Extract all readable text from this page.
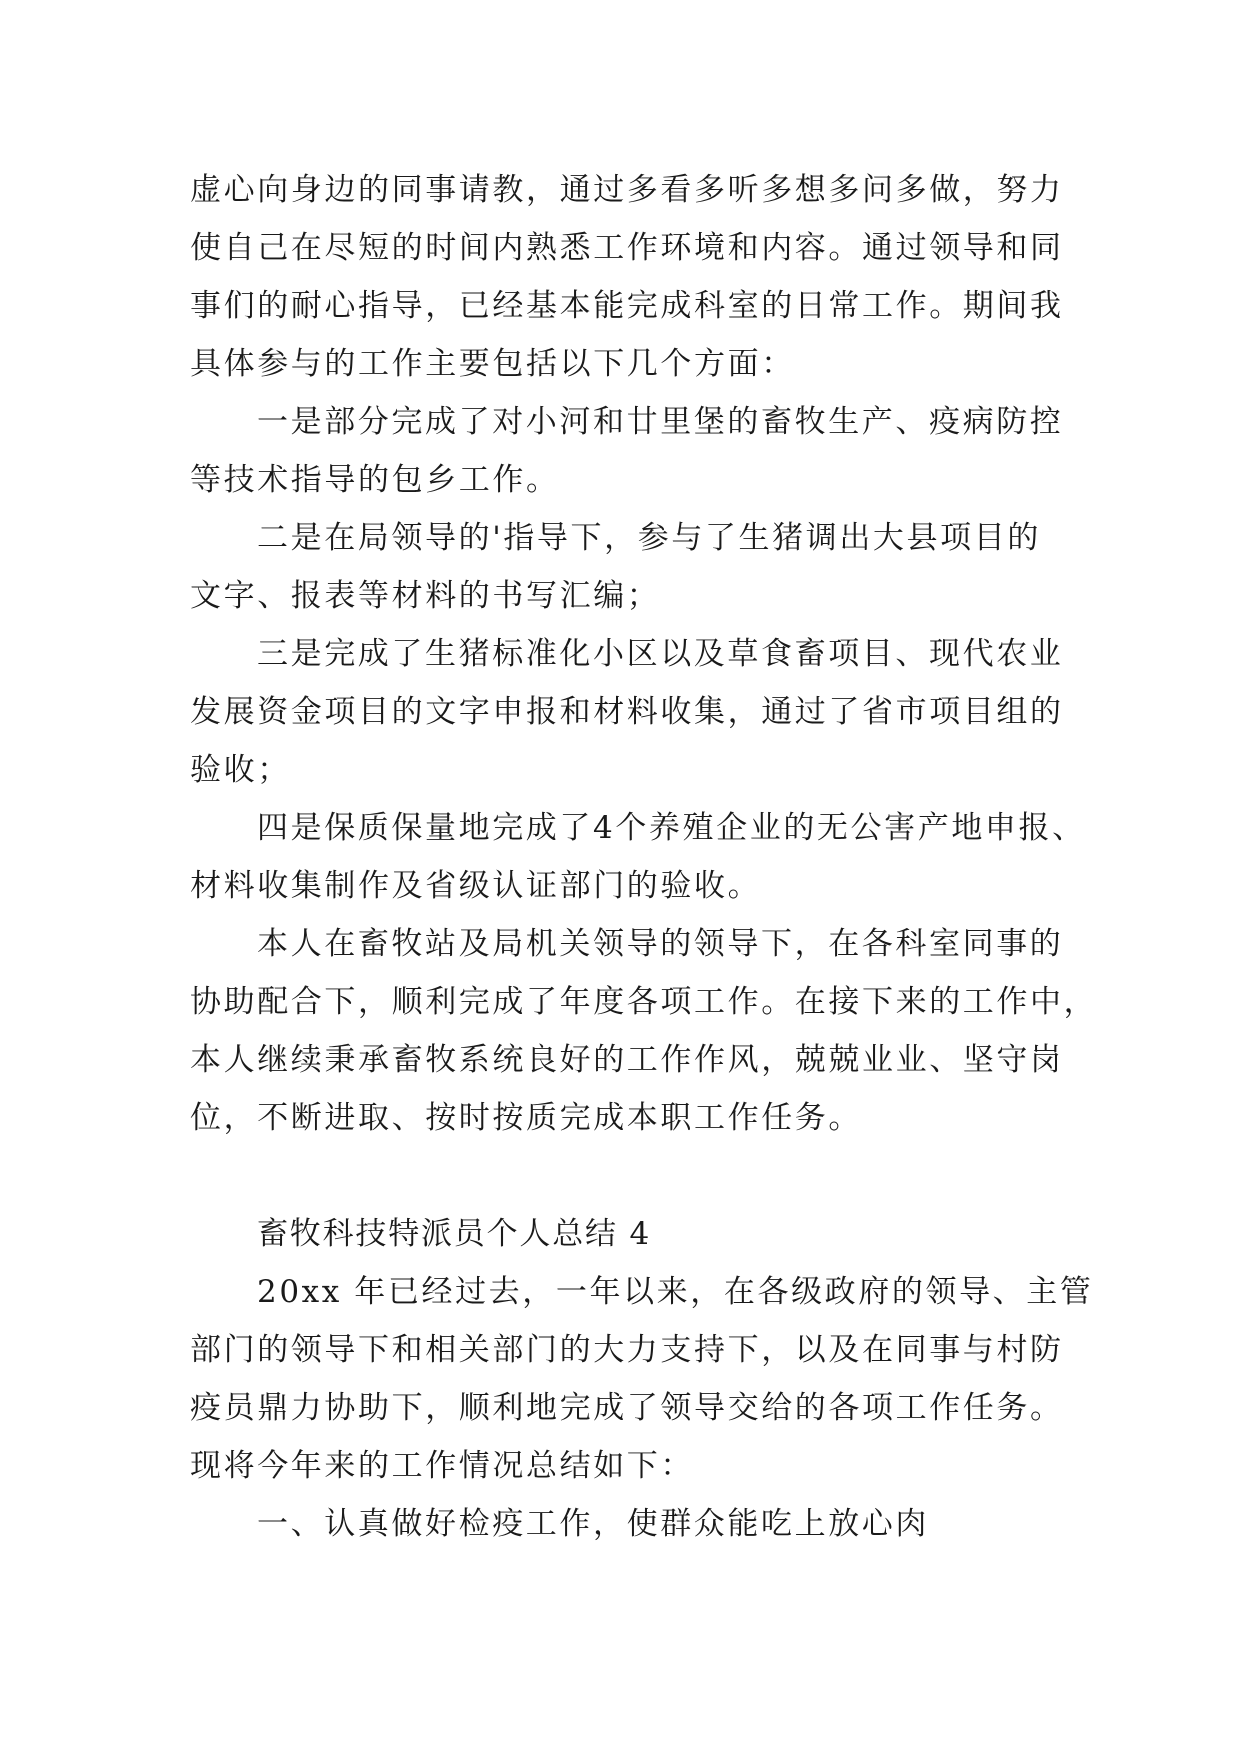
虚心向身边的同事请教，通过多看多听多想多问多做，努力
使自己在尽短的时间内熟悉工作环境和内容。通过领导和同
事们的耐心指导，已经基本能完成科室的日常工作。期间我
具体参与的工作主要包括以下几个方面：
一是部分完成了对小河和廿里堡的畜牧生产、疫病防控
等技术指导的包乡工作。
二是在局领导的'指导下，参与了生猪调出大县项目的
文字、报表等材料的书写汇编；
三是完成了生猪标准化小区以及草食畜项目、现代农业
发展资金项目的文字申报和材料收集，通过了省市项目组的
验收；
四是保质保量地完成了4个养殖企业的无公害产地申报、
材料收集制作及省级认证部门的验收。
本人在畜牧站及局机关领导的领导下，在各科室同事的
协助配合下，顺利完成了年度各项工作。在接下来的工作中，
本人继续秉承畜牧系统良好的工作作风，兢兢业业、坚守岗
位，不断进取、按时按质完成本职工作任务。
畜牧科技特派员个人总结 4
20xx 年已经过去，一年以来，在各级政府的领导、主管
部门的领导下和相关部门的大力支持下，以及在同事与村防
疫员鼎力协助下，顺利地完成了领导交给的各项工作任务。
现将今年来的工作情况总结如下：
一、认真做好检疫工作，使群众能吃上放心肉
